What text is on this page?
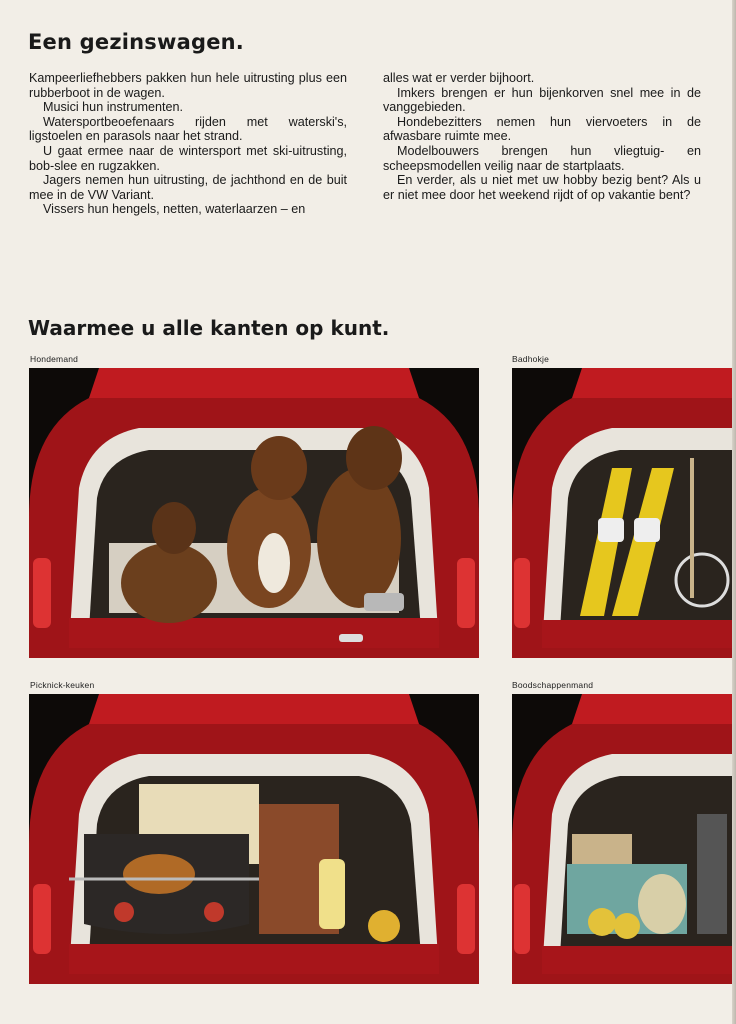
Een gezinswagen.

Kampeerliefhebbers pakken hun hele uitrusting plus een rubberboot in de wagen.

Musici hun instrumenten.

Watersportbeoefenaars rijden met waterski's, ligstoelen en parasols naar het strand.

U gaat ermee naar de wintersport met ski-uitrusting, bob-slee en rugzakken.

Jagers nemen hun uitrusting, de jachthond en de buit mee in de VW Variant.

Vissers hun hengels, netten, waterlaarzen – en

alles wat er verder bijhoort.

Imkers brengen er hun bijenkorven snel mee in de vanggebieden.

Hondebezitters nemen hun viervoeters in de afwasbare ruimte mee.

Modelbouwers brengen hun vliegtuig- en scheepsmodellen veilig naar de startplaats.

En verder, als u niet met uw hobby bezig bent? Als u er niet mee door het weekend rijdt of op vakantie bent?

Waarmee u alle kanten op kunt.
Hondemand	Badhokje
Picknick-keuken	Boodschappenmand
